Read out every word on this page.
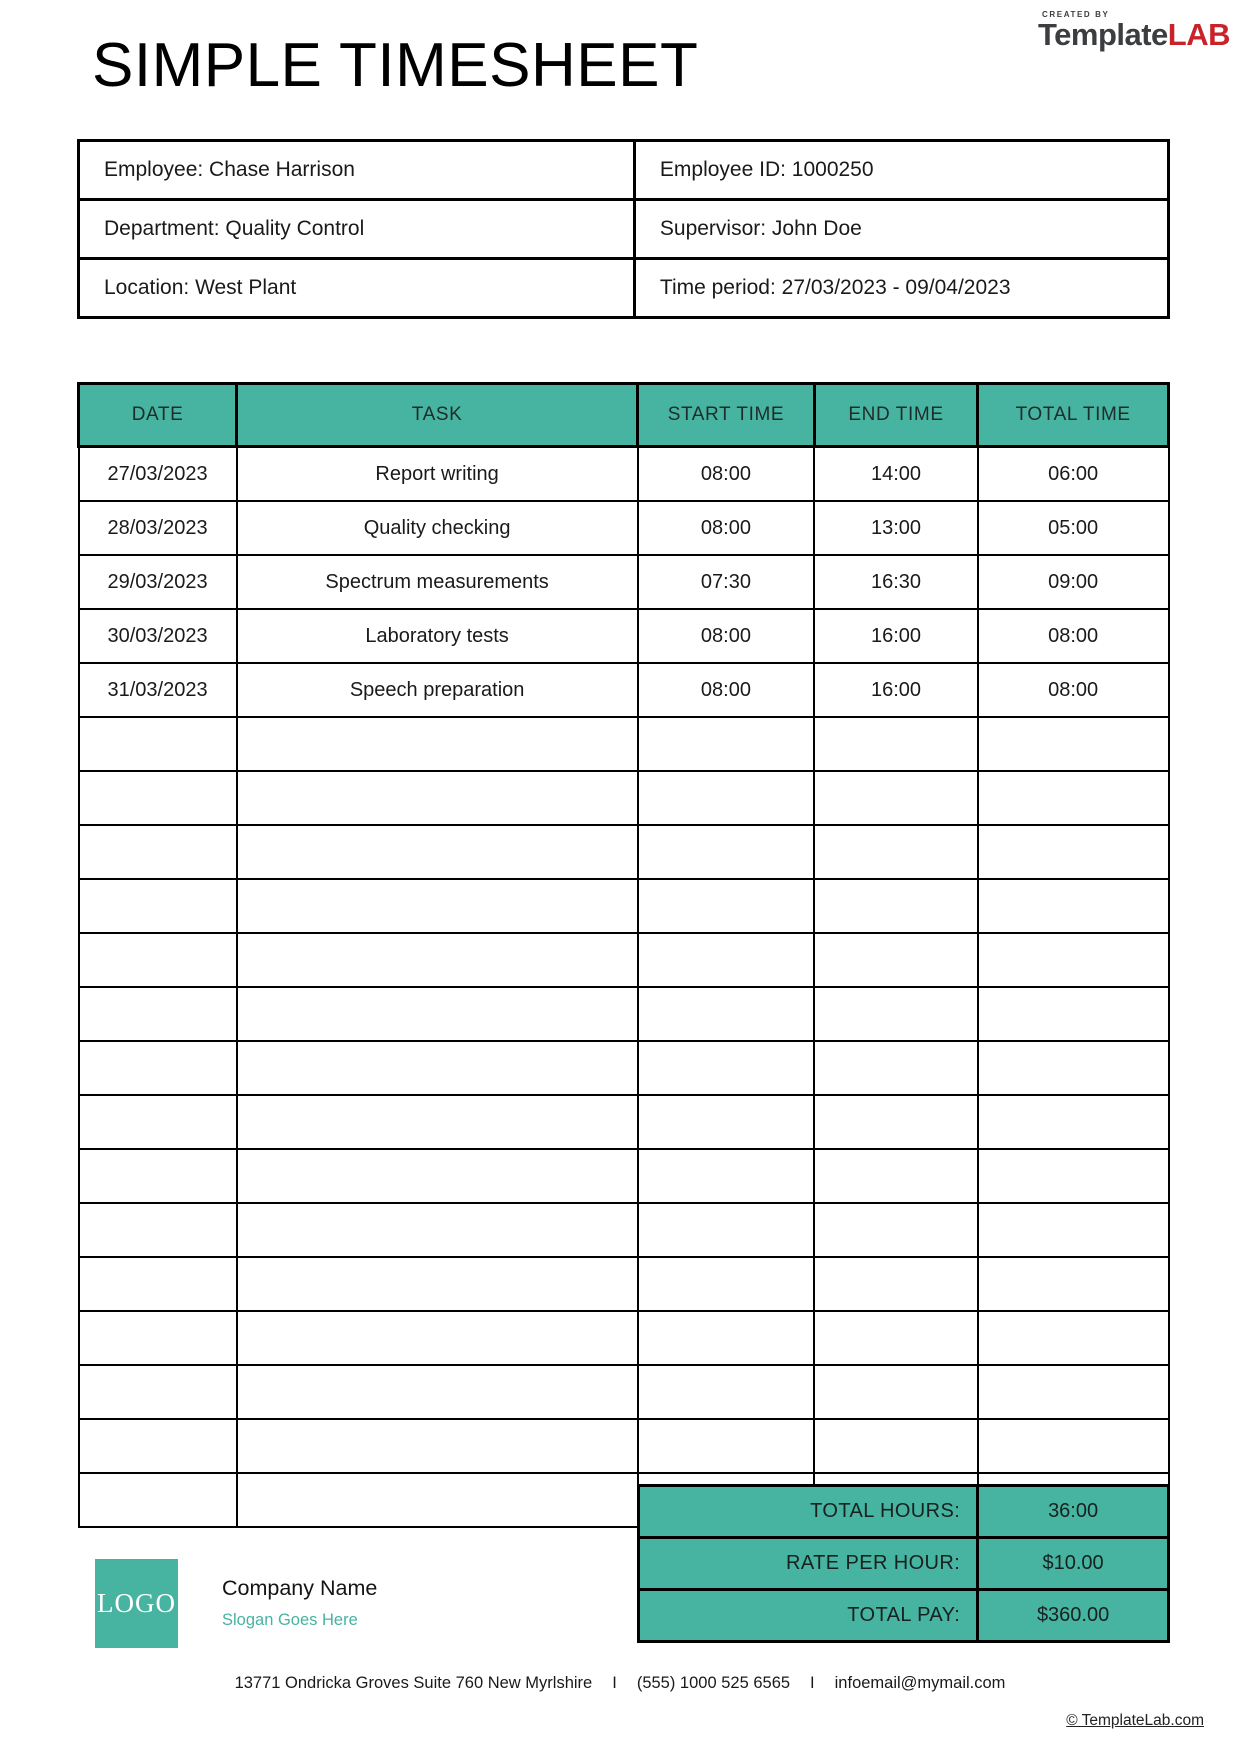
CREATED BY
TemplateLAB
SIMPLE TIMESHEET
Employee: Chase Harrison	Employee ID: 1000250
Department: Quality Control	Supervisor: John Doe
Location: West Plant	Time period: 27/03/2023 - 09/04/2023
DATE	TASK	START TIME	END TIME	TOTAL TIME
27/03/2023	Report writing	08:00	14:00	06:00
28/03/2023	Quality checking	08:00	13:00	05:00
29/03/2023	Spectrum measurements	07:30	16:30	09:00
30/03/2023	Laboratory tests	08:00	16:00	08:00
31/03/2023	Speech preparation	08:00	16:00	08:00

TOTAL HOURS:	36:00
RATE PER HOUR:	$10.00
TOTAL PAY:	$360.00
LOGO Company Name
Slogan Goes Here
13771 Ondricka Groves Suite 760 New Myrlshire I (555) 1000 525 6565 I infoemail@mymail.com
© TemplateLab.com
